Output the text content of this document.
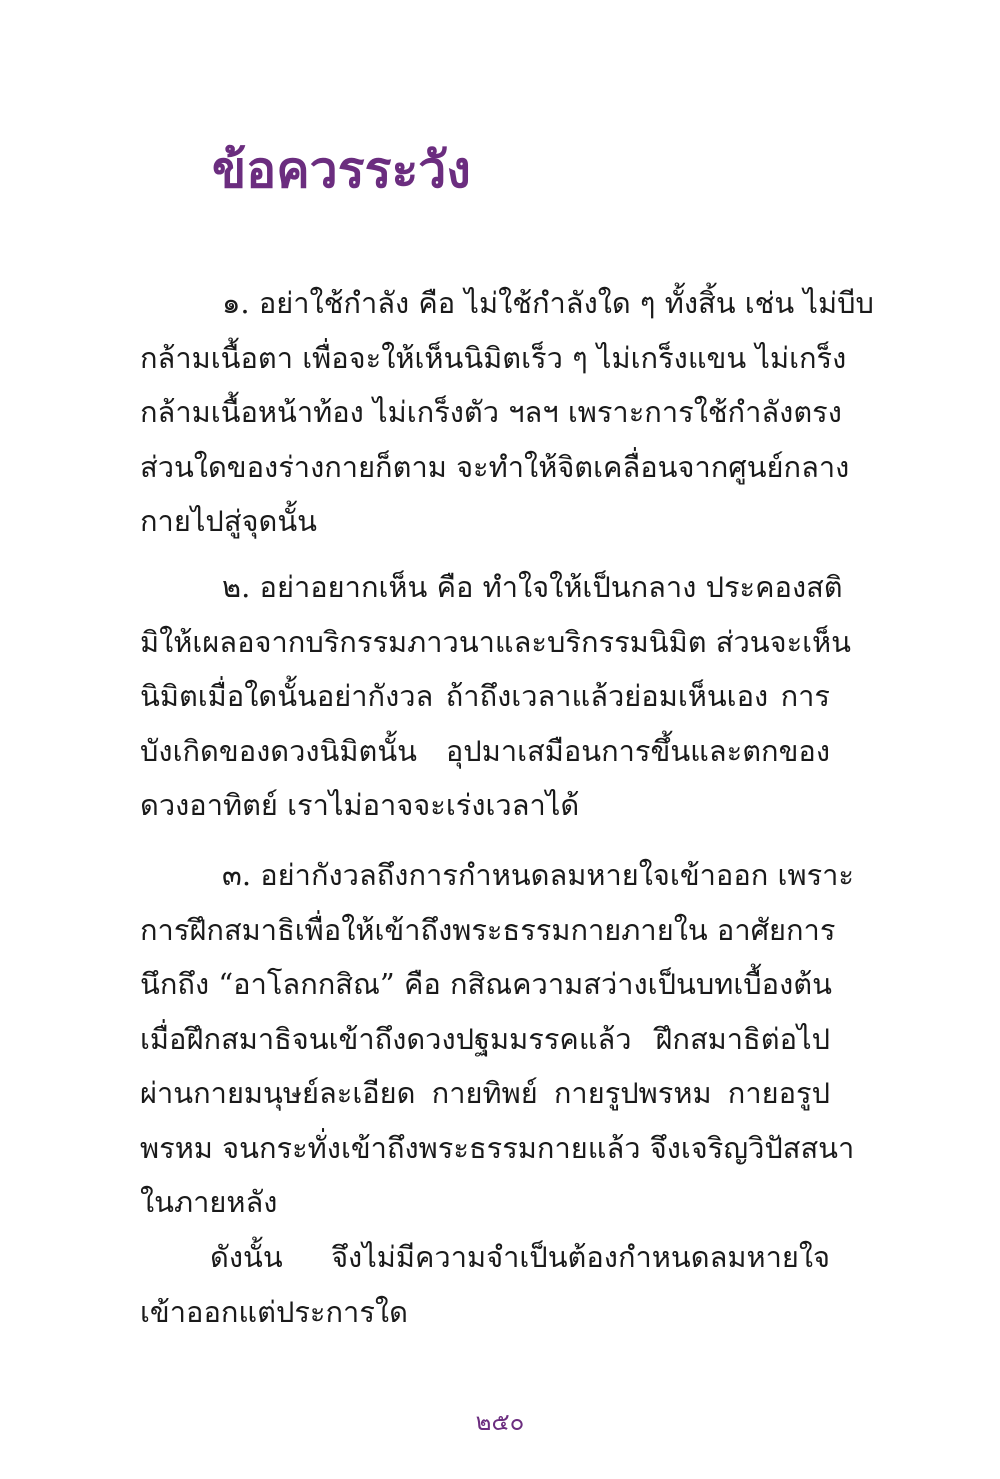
ข้อควรระวัง
๑. อย่าใช้กำลัง คือ ไม่ใช้กำลังใด ๆ ทั้งสิ้น เช่น ไม่บีบ
กล้ามเนื้อตา เพื่อจะให้เห็นนิมิตเร็ว ๆ ไม่เกร็งแขน ไม่เกร็ง
กล้ามเนื้อหน้าท้อง ไม่เกร็งตัว ฯลฯ เพราะการใช้กำลังตรง
ส่วนใดของร่างกายก็ตาม จะทำให้จิตเคลื่อนจากศูนย์กลาง
กายไปสู่จุดนั้น
๒. อย่าอยากเห็น คือ ทำใจให้เป็นกลาง ประคองสติ
มิให้เผลอจากบริกรรมภาวนาและบริกรรมนิมิต ส่วนจะเห็น
นิมิตเมื่อใดนั้นอย่ากังวล ถ้าถึงเวลาแล้วย่อมเห็นเอง การ
บังเกิดของดวงนิมิตนั้น อุปมาเสมือนการขึ้นและตกของ
ดวงอาทิตย์ เราไม่อาจจะเร่งเวลาได้
๓. อย่ากังวลถึงการกำหนดลมหายใจเข้าออก เพราะ
การฝึกสมาธิเพื่อให้เข้าถึงพระธรรมกายภายใน อาศัยการ
นึกถึง “อาโลกกสิณ” คือ กสิณความสว่างเป็นบทเบื้องต้น
เมื่อฝึกสมาธิจนเข้าถึงดวงปฐมมรรคแล้ว ฝึกสมาธิต่อไป
ผ่านกายมนุษย์ละเอียด กายทิพย์ กายรูปพรหม กายอรูป
พรหม จนกระทั่งเข้าถึงพระธรรมกายแล้ว จึงเจริญวิปัสสนา
ในภายหลัง
ดังนั้น จึงไม่มีความจำเป็นต้องกำหนดลมหายใจ
เข้าออกแต่ประการใด
๒๕๐
